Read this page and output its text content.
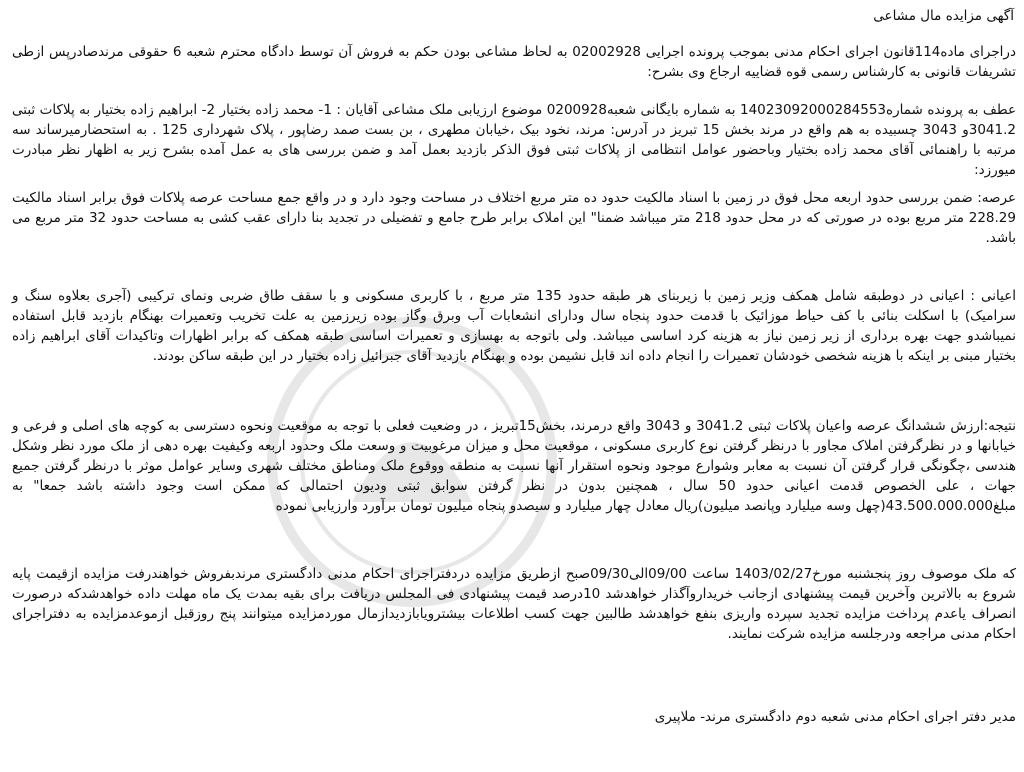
آگهی مزایده مال مشاعی

دراجرای ماده114قانون اجرای احکام مدنی بموجب پرونده اجرایی 02002928 به لحاظ مشاعی بودن حکم به فروش آن توسط دادگاه محترم شعبه 6 حقوقی مرندصادرپس ازطی تشریفات قانونی به کارشناس رسمی قوه قضاییه ارجاع وی بشرح:

عطف به پرونده شماره14023092000284553 به شماره بایگانی شعبه0200928 موضوع ارزیابی ملک مشاعی آقایان : 1- محمد زاده بختیار 2- ابراهیم زاده بختیار به پلاکات ثبتی 3041.2و 3043 چسبیده به هم واقع در مرند بخش 15 تبریز در آدرس: مرند، نخود بیک ،خیابان مطهری ، بن بست صمد رضاپور ، پلاک شهرداری 125 . به استحضارمیرساند سه مرتبه با راهنمائی آقای محمد زاده بختیار وباحضور عوامل انتظامی از پلاکات ثبتی فوق الذکر بازدید بعمل آمد و ضمن بررسی های به عمل آمده بشرح زیر به اظهار نظر مبادرت میورزد:

عرصه: ضمن بررسی حدود اربعه محل فوق در زمین با اسناد مالکیت حدود ده متر مربع اختلاف در مساحت وجود دارد و در واقع جمع مساحت عرصه پلاکات فوق برابر اسناد مالکیت 228.29 متر مربع بوده در صورتی که در محل حدود 218 متر میباشد ضمنا" این املاک برابر طرح جامع و تفضیلی در تجدید بنا دارای عقب کشی به مساحت حدود 32 متر مربع می باشد.

اعیانی : اعیانی در دوطبقه شامل همکف وزیر زمین با زیربنای هر طبقه حدود 135 متر مربع ، با کاربری مسکونی و با سقف طاق ضربی ونمای ترکیبی (آجری بعلاوه سنگ و سرامیک) با اسکلت بنائی با کف حیاط موزائیک با قدمت حدود پنجاه سال ودارای انشعابات آب وبرق وگاز بوده زیرزمین به علت تخریب وتعمیرات بهنگام بازدید قابل استفاده نمیباشدو جهت بهره برداری از زیر زمین نیاز به هزینه کرد اساسی میباشد. ولی باتوجه به بهسازی و تعمیرات اساسی طبقه همکف که برابر اظهارات وتاکیدات آقای ابراهیم زاده بختیار مبنی بر اینکه با هزینه شخصی خودشان تعمیرات را انجام داده اند قابل نشیمن بوده و بهنگام بازدید آقای جبرائیل زاده بختیار در این طبقه ساکن بودند.

نتیجه:ارزش ششدانگ عرصه واعیان پلاکات ثبتی 3041.2 و 3043 واقع درمرند، بخش15تبریز ، در وضعیت فعلی با توجه به موقعیت ونحوه دسترسی به کوچه های اصلی و فرعی و خیابانها و در نظرگرفتن املاک مجاور با درنظر گرفتن نوع کاربری مسکونی ، موقعیت محل و میزان مرغوبیت و وسعت ملک وحدود اربعه وکیفیت بهره دهی از ملک مورد نظر وشکل هندسی ،چگونگی قرار گرفتن آن نسبت به معابر وشوارع موجود ونحوه استقرار آنها نسبت به منطقه ووقوع ملک ومناطق مختلف شهری وسایر عوامل موثر با درنظر گرفتن جمیع جهات ، علی الخصوص قدمت اعیانی حدود 50 سال ، همچنین بدون در نظر گرفتن سوابق ثبتی ودیون احتمالی که ممکن است وجود داشته باشد جمعا" به مبلغ43.500.000.000(چهل وسه میلیارد وپانصد میلیون)ریال معادل چهار میلیارد و سیصدو پنجاه میلیون تومان برآورد وارزیابی نموده

که ملک موصوف روز پنجشنبه مورخ1403/02/27 ساعت 09/00الی09/30صبح ازطریق مزایده دردفتراجرای احکام مدنی دادگستری مرندبفروش خواهندرفت مزایده ازقیمت پایه شروع به بالاترین وآخرین قیمت پیشنهادی ازجانب خریداروآگذار خواهدشد 10درصد قیمت پیشنهادی فی المجلس دریافت برای بقیه بمدت یک ماه مهلت داده خواهدشدکه درصورت انصراف یاعدم پرداخت مزایده تجدید سپرده واریزی بنفع خواهدشد طالبین جهت کسب اطلاعات بیشترویابازدیدازمال موردمزایده میتوانند پنج روزقبل ازموعدمزایده به دفتراجرای احکام مدنی مراجعه ودرجلسه مزایده شرکت نمایند.

مدیر دفتر اجرای احکام مدنی شعبه دوم دادگستری مرند- ملاپیری
